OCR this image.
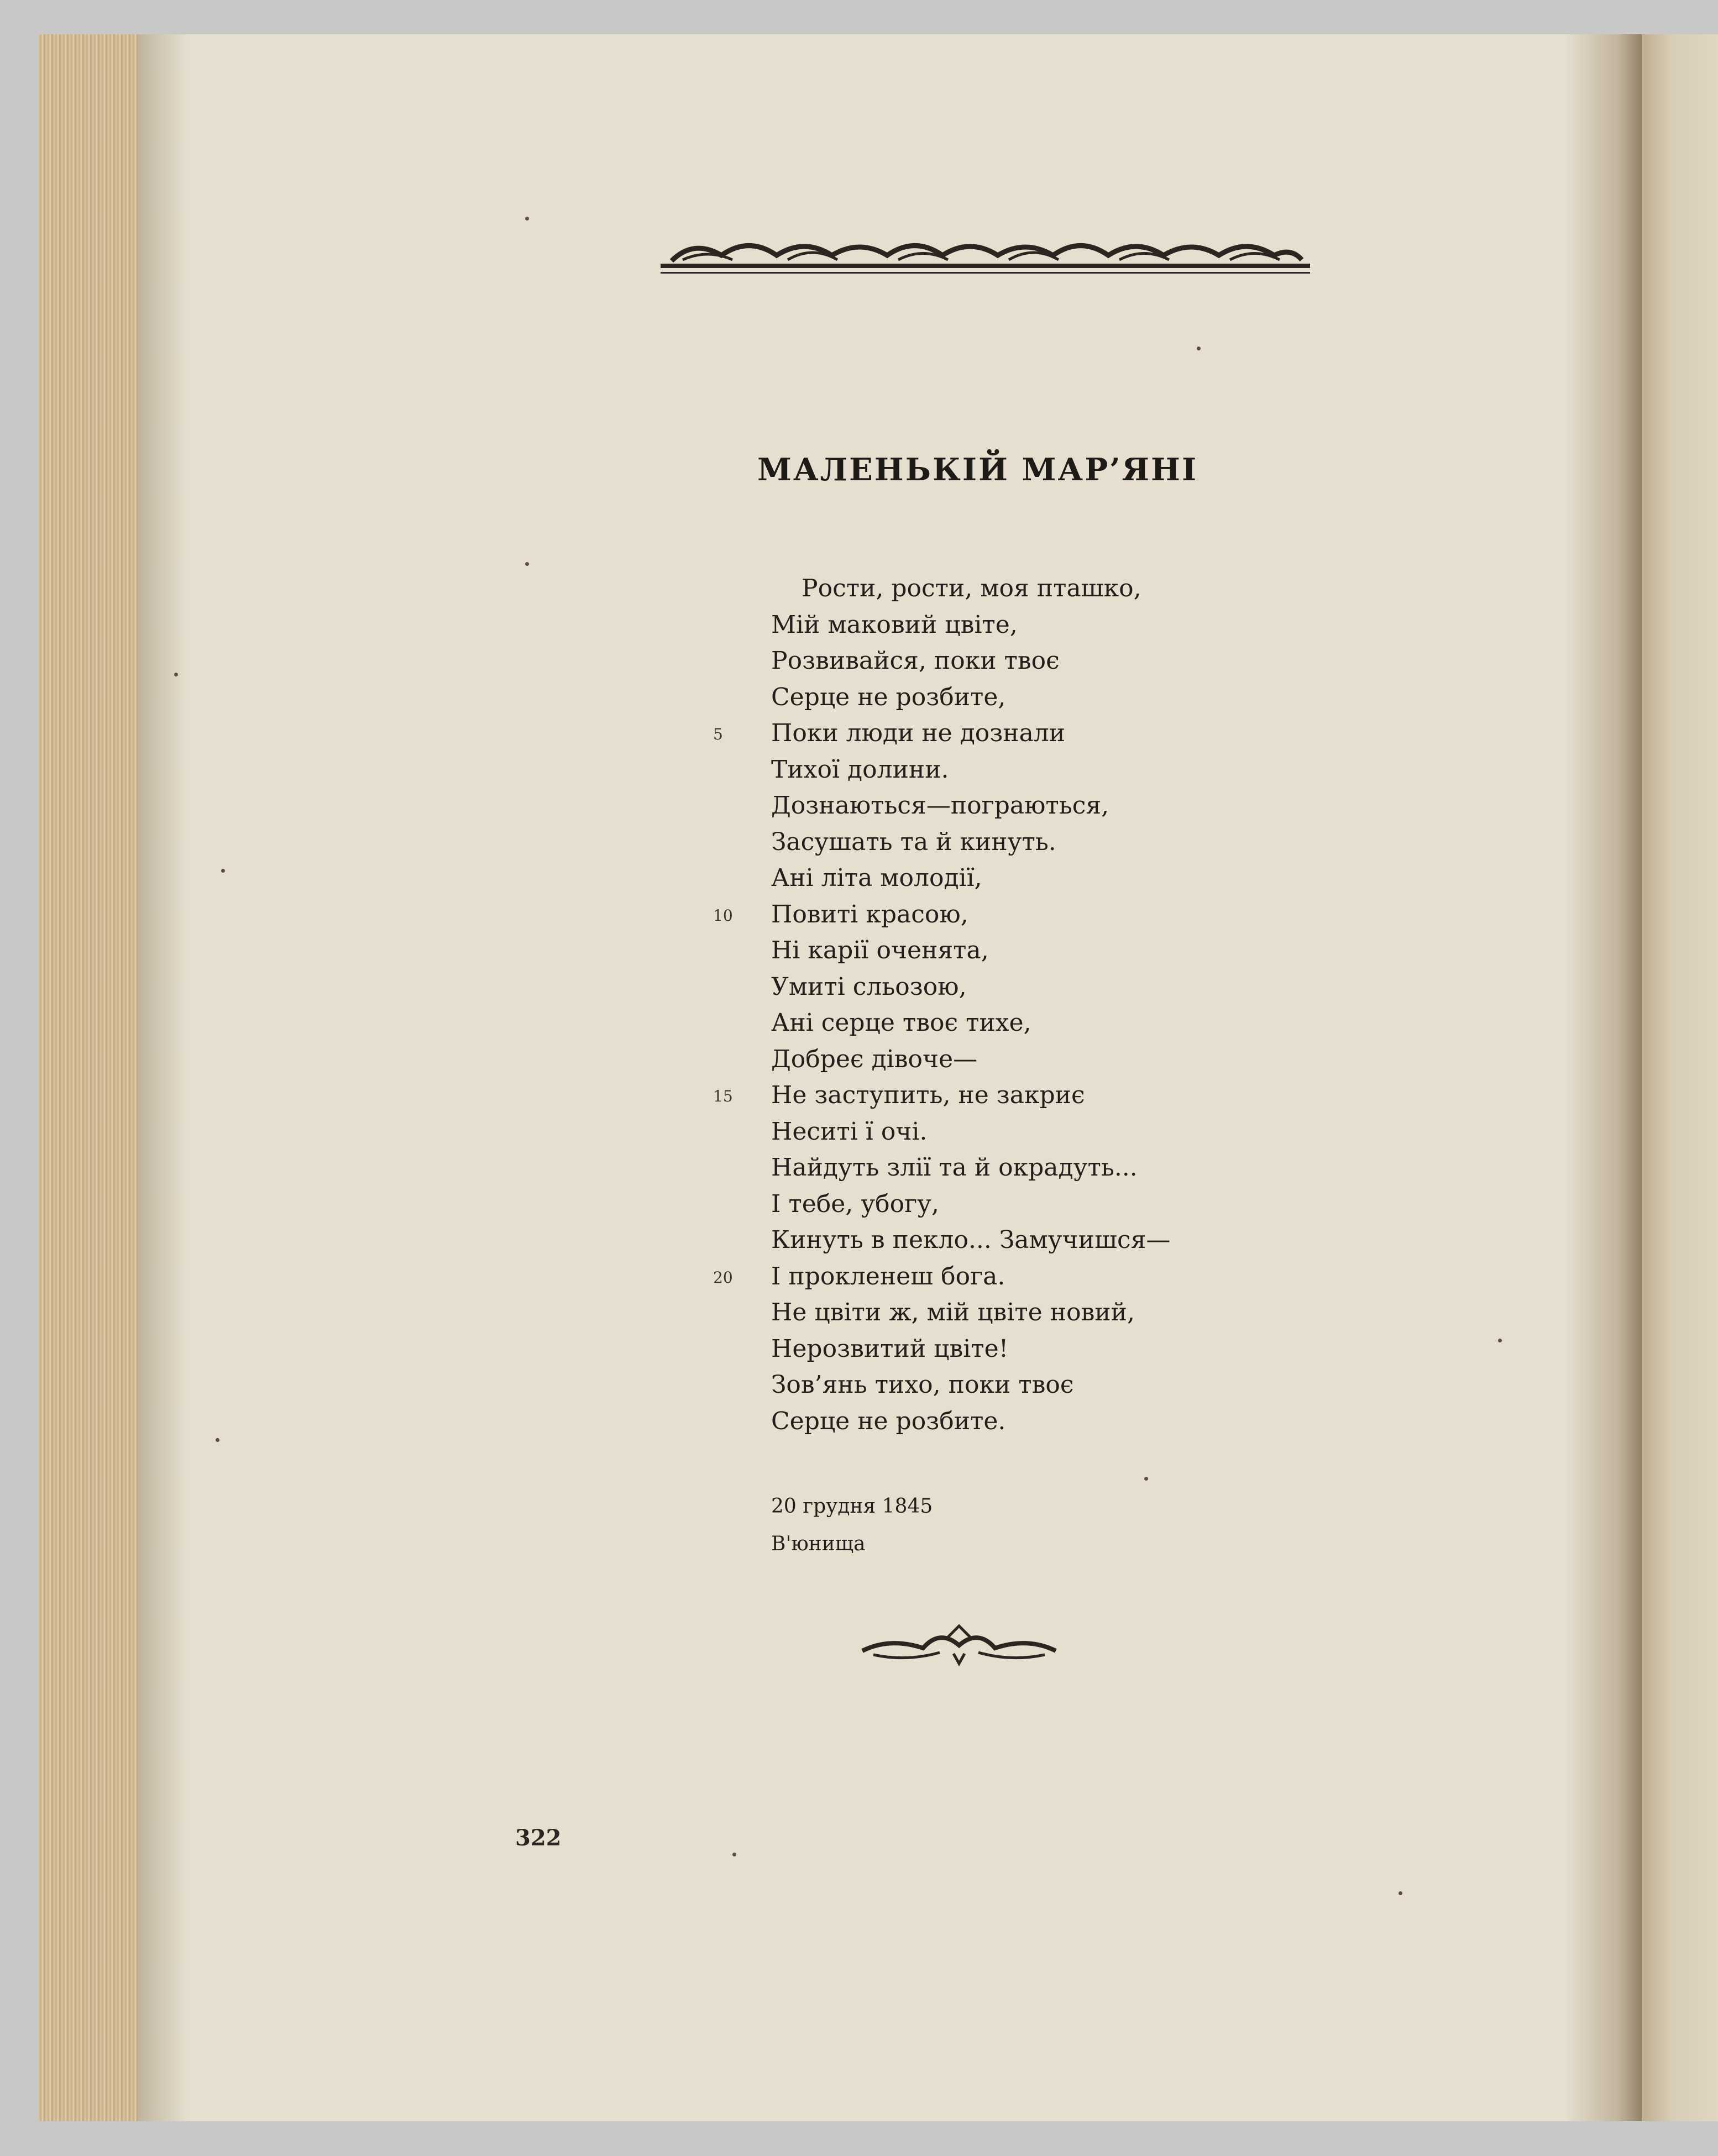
МАЛЕНЬКІЙ МАР’ЯНІ
Рости, рости, моя пташко,
Мій маковий цвіте,
Розвивайся, поки твоє
Серце не розбите,
Поки люди не дознали
5
Тихої долини.
Дознаються—пограються,
Засушать та й кинуть.
Ані літа молодії,
Повиті красою,
10
Ні карії оченята,
Умиті сльозою,
Ані серце твоє тихе,
Добреє дівоче—
Не заступить, не закриє
15
Неситі ї очі.
Найдуть злії та й окрадуть...
І тебе, убогу,
Кинуть в пекло... Замучишся—
І прокленеш бога.
20
Не цвіти ж, мій цвіте новий,
Нерозвитий цвіте!
Зов’янь тихо, поки твоє
Серце не розбите.
20 грудня 1845
В'юнища
322
